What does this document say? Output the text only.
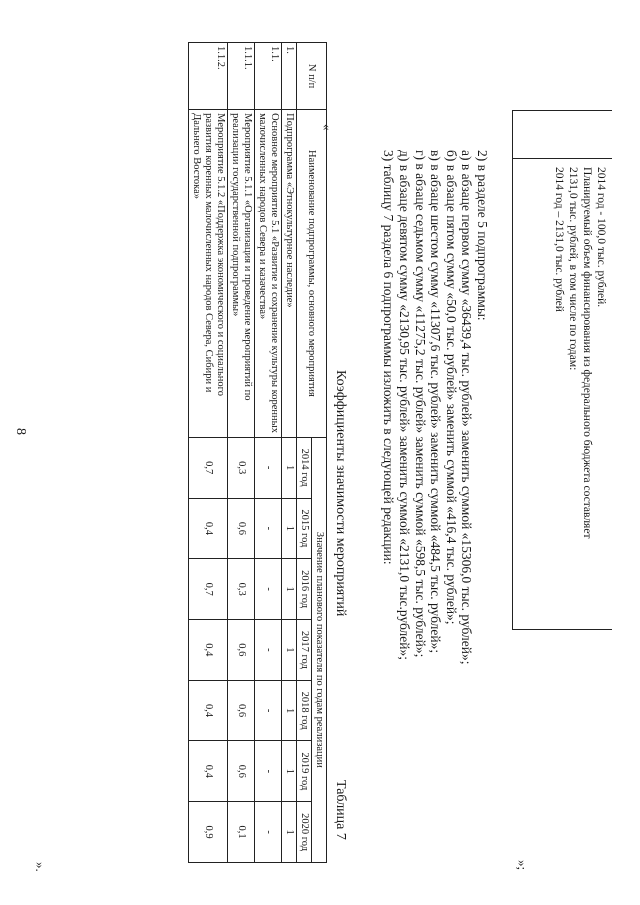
8
2014 год - 100,0 тыс. рублей.
Планируемый объем финансирования из федерального бюджета составляет
2131,0 тыс. рублей, в том числе по годам:
2014 год – 2131,0 тыс. рублей
»;
2) в разделе 5 подпрограммы:
а) в абзаце первом сумму «36439,4 тыс. рублей» заменить суммой «15306,0 тыс. рублей»;
б) в абзаце пятом сумму «50,0 тыс. рублей» заменить суммой «416,4 тыс. рублей»;
в) в абзаце шестом сумму «11307,6 тыс. рублей» заменить суммой «484,5 тыс. рублей»;
г) в абзаце седьмом сумму «11275,2 тыс. рублей» заменить суммой «598,5 тыс. рублей»;
д) в абзаце девятом сумму «2130,95 тыс. рублей» заменить суммой «2131,0 тыс.рублей»;
3) таблицу 7 раздела 6 подпрограммы изложить в следующей редакции:
«
Коэффициенты значимости мероприятий
Таблица 7
N п/п	Наименование подпрограммы, основного мероприятия	Значение планового показателя по годам реализации						
		2014 год	2015 год	2016 год	2017 год	2018 год	2019 год	2020 год
1.	Подпрограмма «Этнокультурное наследие»	1	1	1	1	1	1	1
1.1.	Основное мероприятие 5.1 «Развитие и сохранение культуры коренных малочисленных народов Севера и казачества»	-	-	-	-	-	-	-
1.1.1.	Мероприятие 5.1.1 «Организация и проведение мероприятий по реализации государственной подпрограммы»	0,3	0,6	0,3	0,6	0,6	0,6	0,1
1.1.2.	Мероприятие 5.1.2 «Поддержка экономического и социального развития коренных малочисленных народов Севера, Сибири и Дальнего Востока»	0,7	0,4	0,7	0,4	0,4	0,4	0,9
».
